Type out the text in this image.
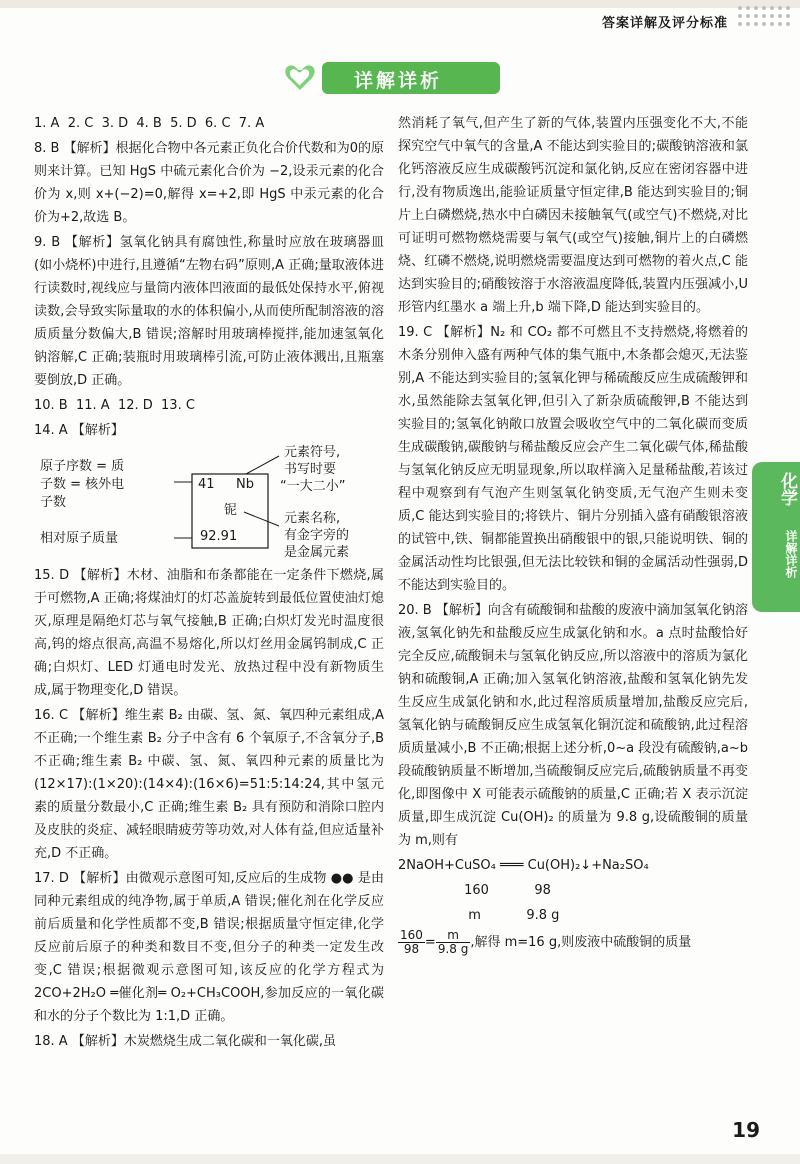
答案详解及评分标准
详解详析

1. A  2. C  3. D  4. B  5. D  6. C  7. A

8. B 【解析】根据化合物中各元素正负化合价代数和为0的原则来计算。已知 HgS 中硫元素化合价为 −2,设汞元素的化合价为 x,则 x+(−2)=0,解得 x=+2,即 HgS 中汞元素的化合价为+2,故选 B。

9. B 【解析】氢氧化钠具有腐蚀性,称量时应放在玻璃器皿(如小烧杯)中进行,且遵循“左物右码”原则,A 正确;量取液体进行读数时,视线应与量筒内液体凹液面的最低处保持水平,俯视读数,会导致实际量取的水的体积偏小,从而使所配制溶液的溶质质量分数偏大,B 错误;溶解时用玻璃棒搅拌,能加速氢氧化钠溶解,C 正确;装瓶时用玻璃棒引流,可防止液体溅出,且瓶塞要倒放,D 正确。

10. B  11. A  12. D  13. C

14. A 【解析】

原子序数 = 质
子数 = 核外电
子数
相对原子质量
41 Nb
铌
92.91
元素符号,
书写时要
“一大二小”
元素名称,
有金字旁的
是金属元素

15. D 【解析】木材、油脂和布条都能在一定条件下燃烧,属于可燃物,A 正确;将煤油灯的灯芯盖旋转到最低位置使油灯熄灭,原理是隔绝灯芯与氧气接触,B 正确;白炽灯发光时温度很高,钨的熔点很高,高温不易熔化,所以灯丝用金属钨制成,C 正确;白炽灯、LED 灯通电时发光、放热过程中没有新物质生成,属于物理变化,D 错误。

16. C 【解析】维生素 B₂ 由碳、氢、氮、氧四种元素组成,A 不正确;一个维生素 B₂ 分子中含有 6 个氧原子,不含氧分子,B 不正确;维生素 B₂ 中碳、氢、氮、氧四种元素的质量比为(12×17):(1×20):(14×4):(16×6)=51:5:14:24,其中氢元素的质量分数最小,C 正确;维生素 B₂ 具有预防和消除口腔内及皮肤的炎症、减轻眼睛疲劳等功效,对人体有益,但应适量补充,D 不正确。

17. D 【解析】由微观示意图可知,反应后的生成物 ●● 是由同种元素组成的纯净物,属于单质,A 错误;催化剂在化学反应前后质量和化学性质都不变,B 错误;根据质量守恒定律,化学反应前后原子的种类和数目不变,但分子的种类一定发生改变,C 错误;根据微观示意图可知,该反应的化学方程式为 2CO+2H₂O ═催化剂═ O₂+CH₃COOH,参加反应的一氧化碳和水的分子个数比为 1:1,D 正确。

18. A 【解析】木炭燃烧生成二氧化碳和一氧化碳,虽

然消耗了氧气,但产生了新的气体,装置内压强变化不大,不能探究空气中氧气的含量,A 不能达到实验目的;碳酸钠溶液和氯化钙溶液反应生成碳酸钙沉淀和氯化钠,反应在密闭容器中进行,没有物质逸出,能验证质量守恒定律,B 能达到实验目的;铜片上白磷燃烧,热水中白磷因未接触氧气(或空气)不燃烧,对比可证明可燃物燃烧需要与氧气(或空气)接触,铜片上的白磷燃烧、红磷不燃烧,说明燃烧需要温度达到可燃物的着火点,C 能达到实验目的;硝酸铵溶于水溶液温度降低,装置内压强减小,U 形管内红墨水 a 端上升,b 端下降,D 能达到实验目的。

19. C 【解析】N₂ 和 CO₂ 都不可燃且不支持燃烧,将燃着的木条分别伸入盛有两种气体的集气瓶中,木条都会熄灭,无法鉴别,A 不能达到实验目的;氢氧化钾与稀硫酸反应生成硫酸钾和水,虽然能除去氢氧化钾,但引入了新杂质硫酸钾,B 不能达到实验目的;氢氧化钠敞口放置会吸收空气中的二氧化碳而变质生成碳酸钠,碳酸钠与稀盐酸反应会产生二氧化碳气体,稀盐酸与氢氧化钠反应无明显现象,所以取样滴入足量稀盐酸,若该过程中观察到有气泡产生则氢氧化钠变质,无气泡产生则未变质,C 能达到实验目的;将铁片、铜片分别插入盛有硝酸银溶液的试管中,铁、铜都能置换出硝酸银中的银,只能说明铁、铜的金属活动性均比银强,但无法比较铁和铜的金属活动性强弱,D 不能达到实验目的。

20. B 【解析】向含有硫酸铜和盐酸的废液中滴加氢氧化钠溶液,氢氧化钠先和盐酸反应生成氯化钠和水。a 点时盐酸恰好完全反应,硫酸铜未与氢氧化钠反应,所以溶液中的溶质为氯化钠和硫酸铜,A 正确;加入氢氧化钠溶液,盐酸和氢氧化钠先发生反应生成氯化钠和水,此过程溶质质量增加,盐酸反应完后,氢氧化钠与硫酸铜反应生成氢氧化铜沉淀和硫酸钠,此过程溶质质量减小,B 不正确;根据上述分析,0~a 段没有硫酸钠,a~b 段硫酸钠质量不断增加,当硫酸铜反应完后,硫酸钠质量不再变化,即图像中 X 可能表示硫酸钠的质量,C 正确;若 X 表示沉淀质量,即生成沉淀 Cu(OH)₂ 的质量为 9.8 g,设硫酸铜的质量为 m,则有

2NaOH+CuSO₄ ═══ Cu(OH)₂↓+Na₂SO₄

160           98

m           9.8 g

$\frac{160}{98} = \frac{m}{9.8 g}$ ,解得 m=16 g,则废液中硫酸铜的质量

化学
详解详析
19
